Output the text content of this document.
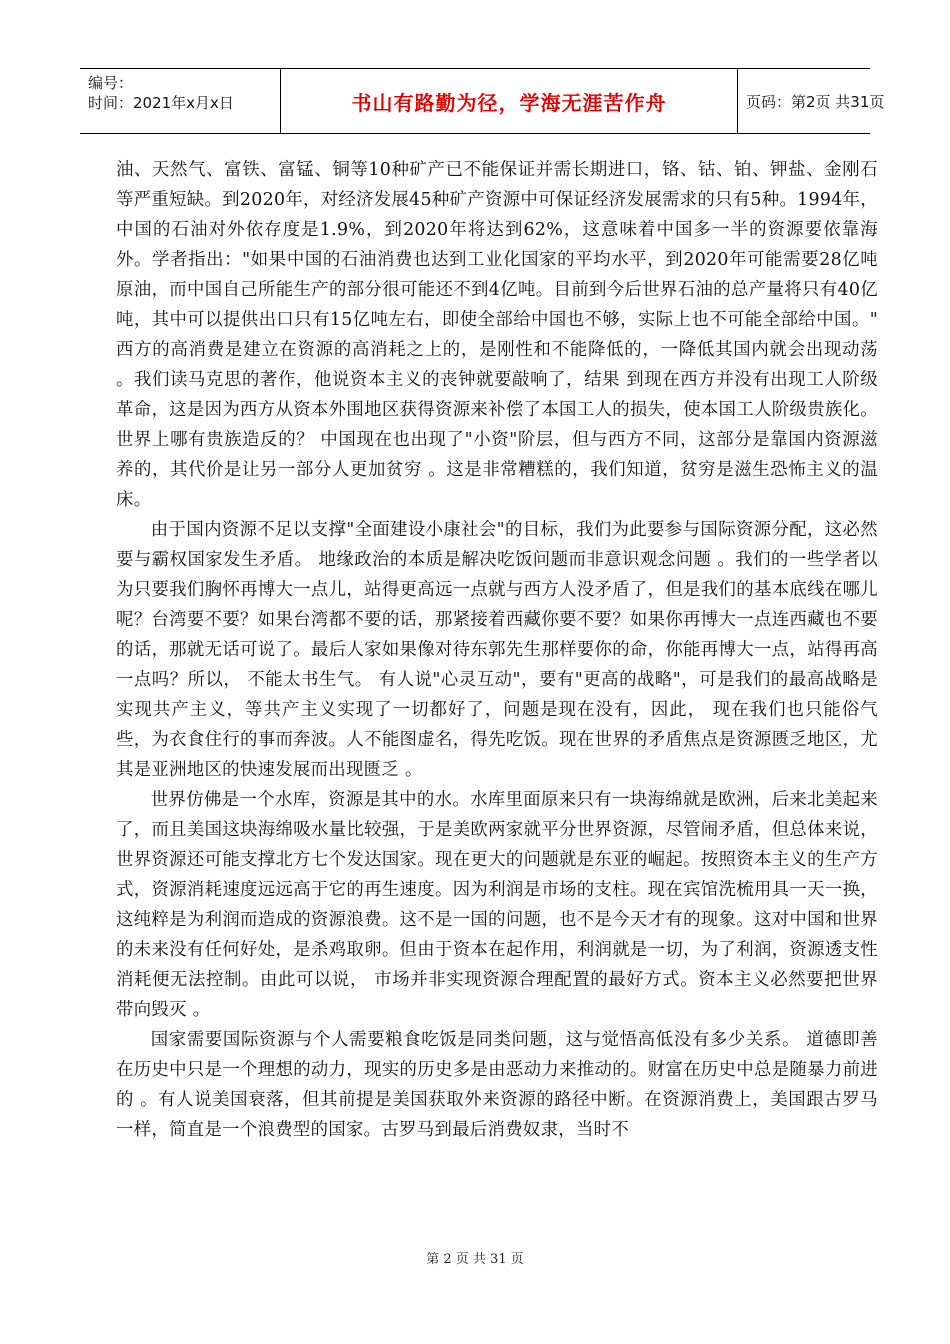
编号：
时间：2021年x月x日	书山有路勤为径，学海无涯苦作舟	页码：第2页 共31页

油、天然气、富铁、富锰、铜等10种矿产已不能保证并需长期进口，铬、钴、铂、钾盐、金刚石等严重短缺。到2020年，对经济发展45种矿产资源中可保证经济发展需求的只有5种。1994年，中国的石油对外依存度是1.9%，到2020年将达到62%，这意味着中国多一半的资源要依靠海外。学者指出："如果中国的石油消费也达到工业化国家的平均水平，到2020年可能需要28亿吨原油，而中国自己所能生产的部分很可能还不到4亿吨。目前到今后世界石油的总产量将只有40亿吨，其中可以提供出口只有15亿吨左右，即使全部给中国也不够，实际上也不可能全部给中国。" 西方的高消费是建立在资源的高消耗之上的，是刚性和不能降低的，一降低其国内就会出现动荡 。我们读马克思的著作，他说资本主义的丧钟就要敲响了，结果 到现在西方并没有出现工人阶级革命，这是因为西方从资本外围地区获得资源来补偿了本国工人的损失，使本国工人阶级贵族化。世界上哪有贵族造反的？ 中国现在也出现了"小资"阶层，但与西方不同，这部分是靠国内资源滋养的，其代价是让另一部分人更加贫穷 。这是非常糟糕的，我们知道，贫穷是滋生恐怖主义的温床。

由于国内资源不足以支撑"全面建设小康社会"的目标，我们为此要参与国际资源分配，这必然要与霸权国家发生矛盾。 地缘政治的本质是解决吃饭问题而非意识观念问题 。我们的一些学者以为只要我们胸怀再博大一点儿，站得更高远一点就与西方人没矛盾了，但是我们的基本底线在哪儿呢？台湾要不要？如果台湾都不要的话，那紧接着西藏你要不要？如果你再博大一点连西藏也不要的话，那就无话可说了。最后人家如果像对待东郭先生那样要你的命，你能再博大一点，站得再高一点吗？所以， 不能太书生气。 有人说"心灵互动"，要有"更高的战略"，可是我们的最高战略是实现共产主义，等共产主义实现了一切都好了，问题是现在没有，因此， 现在我们也只能俗气些，为衣食住行的事而奔波。人不能图虚名，得先吃饭。现在世界的矛盾焦点是资源匮乏地区，尤其是亚洲地区的快速发展而出现匮乏 。

世界仿佛是一个水库，资源是其中的水。水库里面原来只有一块海绵就是欧洲，后来北美起来了，而且美国这块海绵吸水量比较强，于是美欧两家就平分世界资源，尽管闹矛盾，但总体来说，世界资源还可能支撑北方七个发达国家。现在更大的问题就是东亚的崛起。按照资本主义的生产方式，资源消耗速度远远高于它的再生速度。因为利润是市场的支柱。现在宾馆洗梳用具一天一换，这纯粹是为利润而造成的资源浪费。这不是一国的问题，也不是今天才有的现象。这对中国和世界的未来没有任何好处，是杀鸡取卵。但由于资本在起作用，利润就是一切，为了利润，资源透支性消耗便无法控制。由此可以说， 市场并非实现资源合理配置的最好方式。资本主义必然要把世界带向毁灭 。

国家需要国际资源与个人需要粮食吃饭是同类问题，这与觉悟高低没有多少关系。 道德即善在历史中只是一个理想的动力，现实的历史多是由恶动力来推动的。财富在历史中总是随暴力前进的 。有人说美国衰落，但其前提是美国获取外来资源的路径中断。在资源消费上，美国跟古罗马一样，简直是一个浪费型的国家。古罗马到最后消费奴隶，当时不

第 2 页 共 31 页
